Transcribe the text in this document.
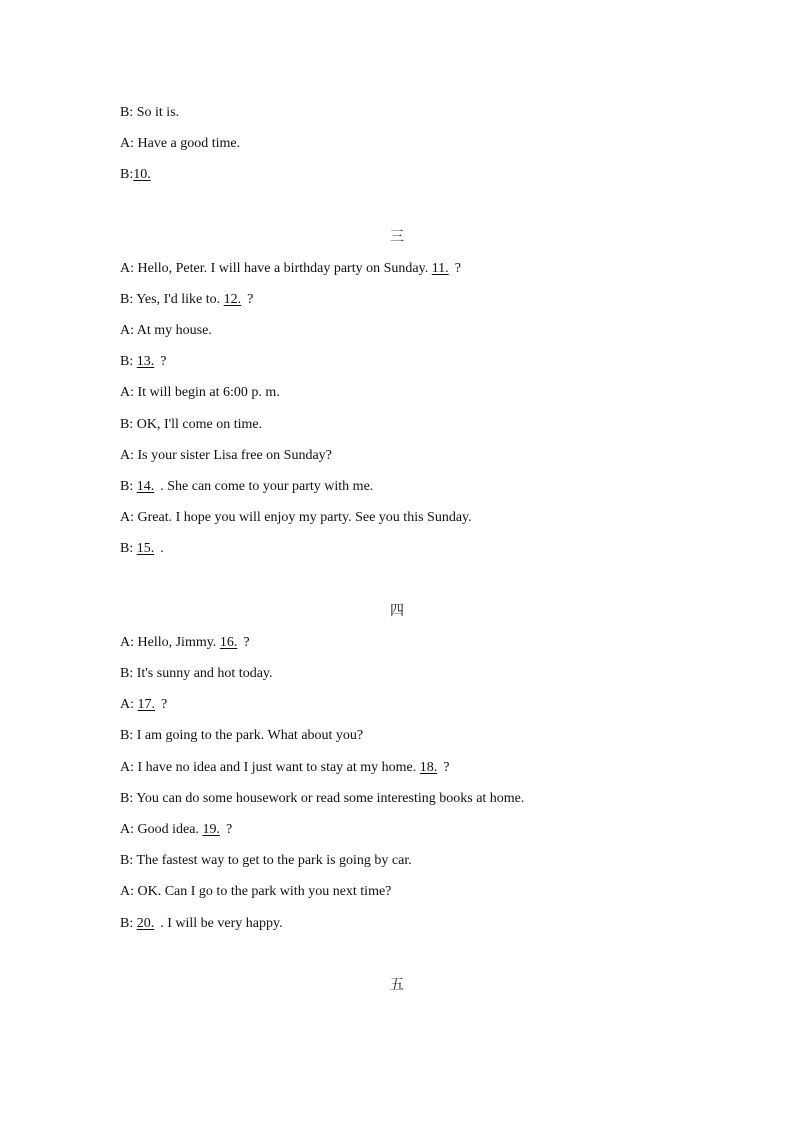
B: So it is.
A: Have a good time.
B:10.
三
A: Hello, Peter. I will have a birthday party on Sunday. 11. ?
B: Yes, I'd like to. 12. ?
A: At my house.
B: 13. ?
A: It will begin at 6:00 p. m.
B: OK, I'll come on time.
A: Is your sister Lisa free on Sunday?
B: 14. . She can come to your party with me.
A: Great. I hope you will enjoy my party. See you this Sunday.
B: 15. .
四
A: Hello, Jimmy. 16. ?
B: It's sunny and hot today.
A: 17. ?
B: I am going to the park. What about you?
A: I have no idea and I just want to stay at my home. 18. ?
B: You can do some housework or read some interesting books at home.
A: Good idea. 19. ?
B: The fastest way to get to the park is going by car.
A: OK. Can I go to the park with you next time?
B: 20. . I will be very happy.
五
